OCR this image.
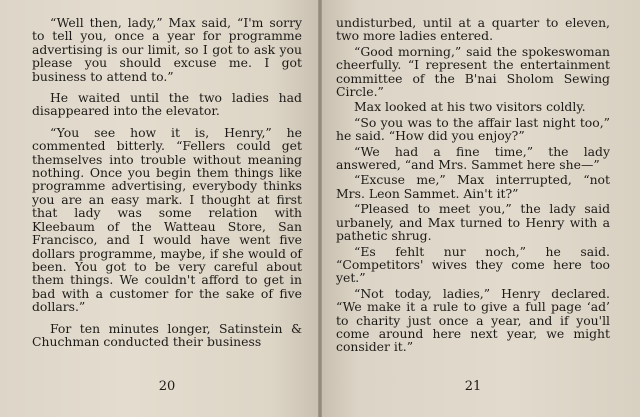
“Well then, lady,” Max said, “I'm sorry to tell you, once a year for programme advertising is our limit, so I got to ask you please you should excuse me. I got business to attend to.”

He waited until the two ladies had disappeared into the elevator.

“You see how it is, Henry,” he commented bitterly. “Fellers could get themselves into trouble without meaning nothing. Once you begin them things like programme advertising, everybody thinks you are an easy mark. I thought at first that lady was some relation with Kleebaum of the Watteau Store, San Francisco, and I would have went five dollars programme, maybe, if she would of been. You got to be very careful about them things. We couldn't afford to get in bad with a customer for the sake of five dollars.”

For ten minutes longer, Satinstein & Chuchman conducted their business

20

undisturbed, until at a quarter to eleven, two more ladies entered.

“Good morning,” said the spokeswoman cheerfully. “I represent the entertainment committee of the B'nai Sholom Sewing Circle.”

Max looked at his two visitors coldly.

“So you was to the affair last night too,” he said. “How did you enjoy?”

“We had a fine time,” the lady answered, “and Mrs. Sammet here she—”

“Excuse me,” Max interrupted, “not Mrs. Leon Sammet. Ain't it?”

“Pleased to meet you,” the lady said urbanely, and Max turned to Henry with a pathetic shrug.

“Es fehlt nur noch,” he said. “Competitors' wives they come here too yet.”

“Not today, ladies,” Henry declared. “We make it a rule to give a full page ‘ad’ to charity just once a year, and if you'll come around here next year, we might consider it.”

21
